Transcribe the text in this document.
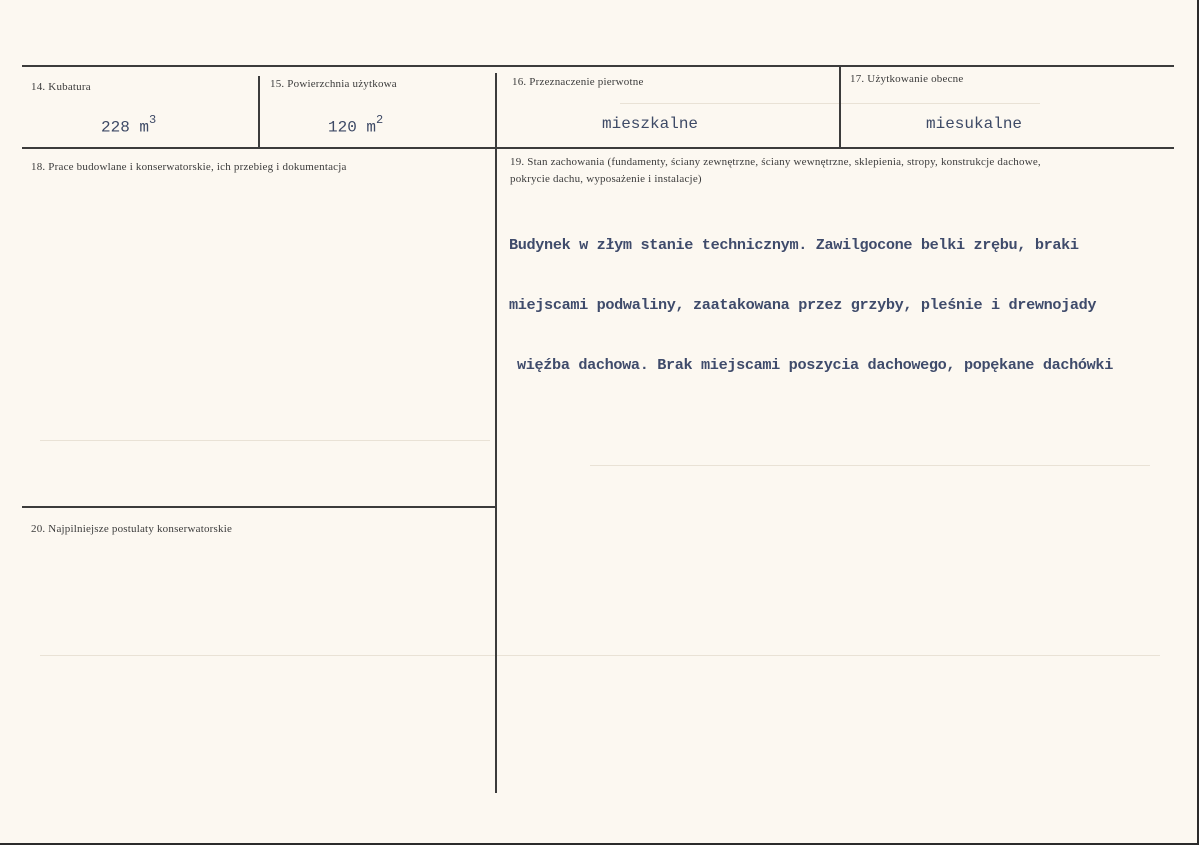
14. Kubatura
228 $m^3$
15. Powierzchnia użytkowa
120 $m^2$
16. Przeznaczenie pierwotne
mieszkalne
17. Użytkowanie obecne
miesukalne
18. Prace budowlane i konserwatorskie, ich przebieg i dokumentacja	19. Stan zachowania (fundamenty, ściany zewnętrzne, ściany wewnętrzne, sklepienia, stropy, konstrukcje dachowe, pokrycie dachu, wyposażenie i instalacje)

Budynek w złym stanie technicznym. Zawilgocone belki zrębu, braki

miejscami podwaliny, zaatakowana przez grzyby, pleśnie i drewnojady

więźba dachowa. Brak miejscami poszycia dachowego, popękane dachówki

20. Najpilniejsze postulaty konserwatorskie
